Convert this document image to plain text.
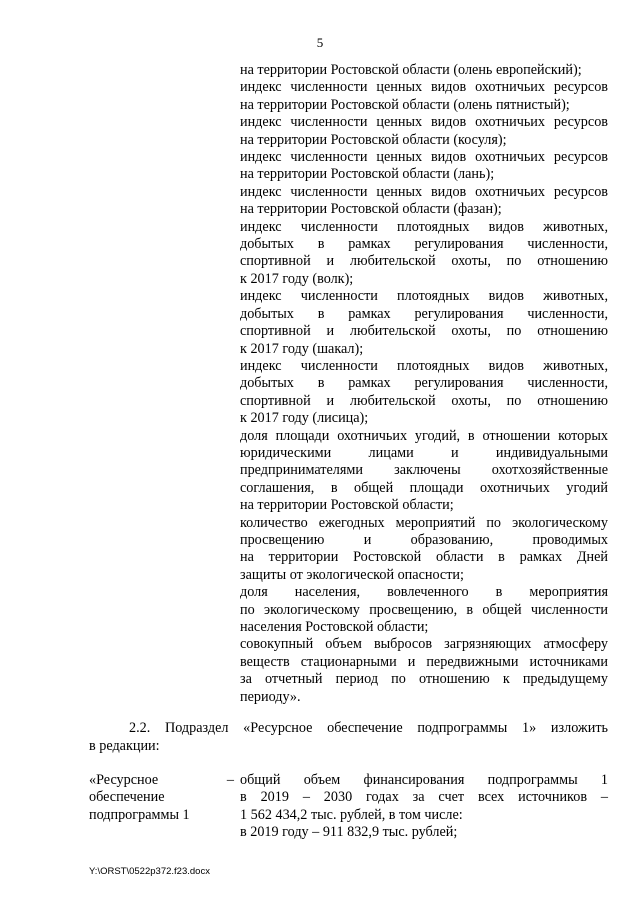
5

на территории Ростовской области (олень европейский);

индекс численности ценных видов охотничьих ресурсов

на территории Ростовской области (олень пятнистый);

индекс численности ценных видов охотничьих ресурсов

на территории Ростовской области (косуля);

индекс численности ценных видов охотничьих ресурсов

на территории Ростовской области (лань);

индекс численности ценных видов охотничьих ресурсов

на территории Ростовской области (фазан);

индекс численности плотоядных видов животных,

добытых в рамках регулирования численности,

спортивной и любительской охоты, по отношению

к 2017 году (волк);

индекс численности плотоядных видов животных,

добытых в рамках регулирования численности,

спортивной и любительской охоты, по отношению

к 2017 году (шакал);

индекс численности плотоядных видов животных,

добытых в рамках регулирования численности,

спортивной и любительской охоты, по отношению

к 2017 году (лисица);

доля площади охотничьих угодий, в отношении которых

юридическими лицами и индивидуальными

предпринимателями заключены охотхозяйственные

соглашения, в общей площади охотничьих угодий

на территории Ростовской области;

количество ежегодных мероприятий по экологическому

просвещению и образованию, проводимых

на территории Ростовской области в рамках Дней

защиты от экологической опасности;

доля населения, вовлеченного в мероприятия

по экологическому просвещению, в общей численности

населения Ростовской области;

совокупный объем выбросов загрязняющих атмосферу

веществ стационарными и передвижными источниками

за отчетный период по отношению к предыдущему

периоду».

2.2. Подраздел «Ресурсное обеспечение подпрограммы 1» изложить

в редакции:

«Ресурсное	–
обеспечение
подпрограммы 1

общий объем финансирования подпрограммы 1

в 2019 – 2030 годах за счет всех источников –

1 562 434,2 тыс. рублей, в том числе:

в 2019 году – 911 832,9 тыс. рублей;

Y:\ORST\0522p372.f23.docx
